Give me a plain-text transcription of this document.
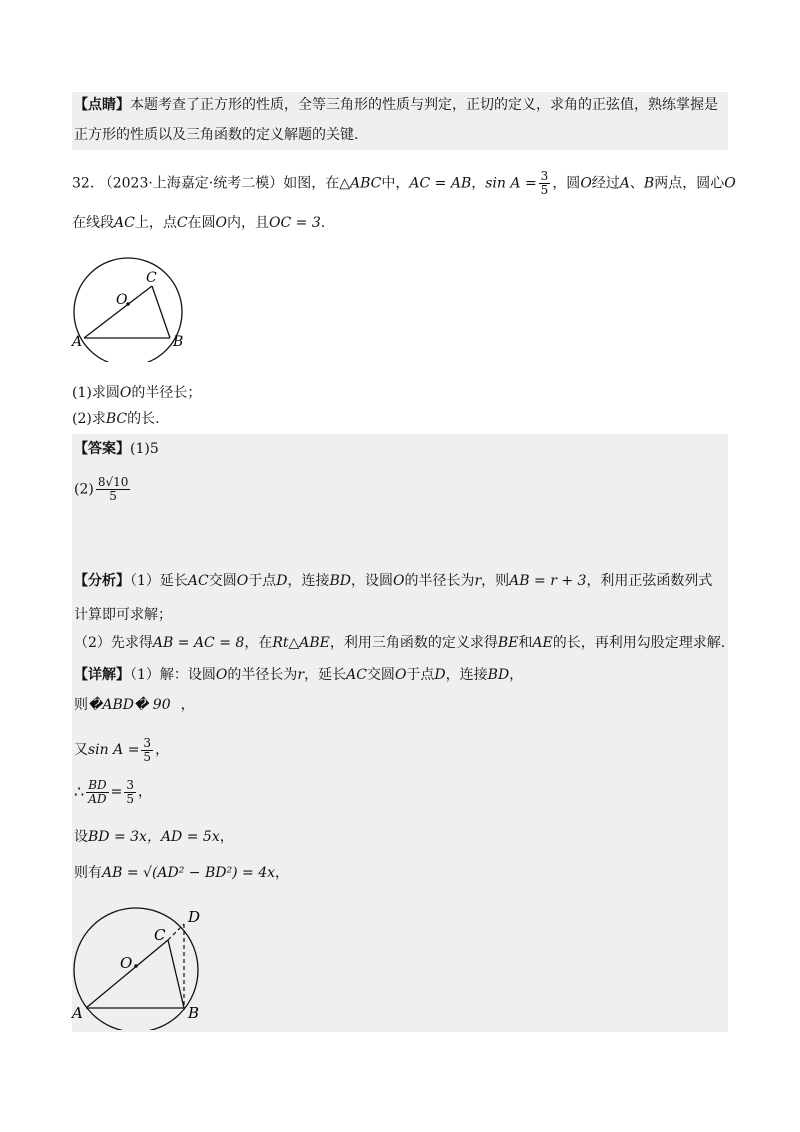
【点睛】本题考查了正方形的性质，全等三角形的性质与判定，正切的定义，求角的正弦值，熟练掌握是
正方形的性质以及三角函数的定义解题的关键.
32. （2023·上海嘉定·统考二模）如图，在△ABC中，AC = AB，$\sin A = \frac{3}{5}$ ，圆O经过A、B两点，圆心O
在线段AC上，点C在圆O内，且OC = 3.
A	B
C
O
(1)求圆O的半径长；
(2)求BC的长.
【答案】(1)5
$(2) \frac{8√10}{5}$
【分析】（1）延长AC交圆O于点D，连接BD，设圆O的半径长为r，则AB = r + 3，利用正弦函数列式
计算即可求解；
（2）先求得AB = AC = 8，在Rt△ABE，利用三角函数的定义求得BE和AE的长，再利用勾股定理求解.
【详解】（1）解：设圆O的半径长为r，延长AC交圆O于点D，连接BD，
则�ABD� 90 ，
又$\sin A = \frac{3}{5}$ ，
∴ $\frac{BD}{AD} = \frac{3}{5}$ ，
设BD = 3x，AD = 5x，
则有AB = √(AD² − BD²) = 4x，
A	B
C
D
O
